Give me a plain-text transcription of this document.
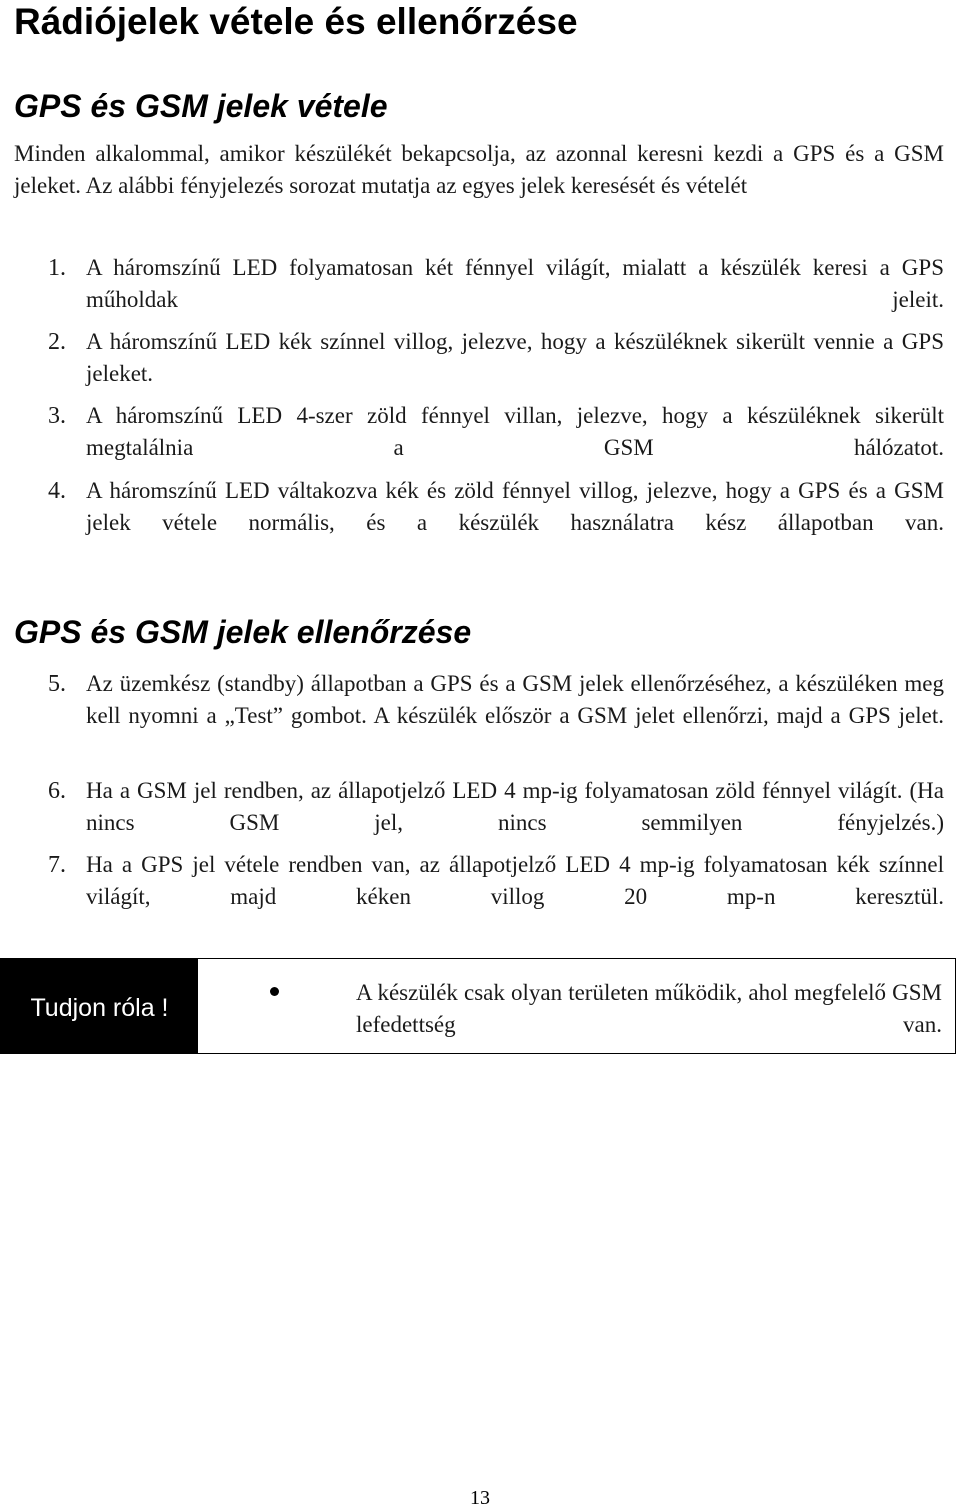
Rádiójelek vétele és ellenőrzése
GPS és GSM jelek vétele

Minden alkalommal, amikor készülékét bekapcsolja, az azonnal keresni kezdi a GPS és a GSM jeleket. Az alábbi fényjelezés sorozat mutatja az egyes jelek keresését és vételét

1. A háromszínű LED folyamatosan két fénnyel világít, mialatt a készülék keresi a GPS műholdak jeleit.
2. A háromszínű LED kék színnel villog, jelezve, hogy a készüléknek sikerült vennie a GPS jeleket.
3. A háromszínű LED 4-szer zöld fénnyel villan, jelezve, hogy a készüléknek sikerült megtalálnia a GSM hálózatot.
4. A háromszínű LED váltakozva kék és zöld fénnyel villog, jelezve, hogy a GPS és a GSM jelek vétele normális, és a készülék használatra kész állapotban van.
GPS és GSM jelek ellenőrzése
5. Az üzemkész (standby) állapotban a GPS és a GSM jelek ellenőrzéséhez, a készüléken meg kell nyomni a „Test” gombot. A készülék először a GSM jelet ellenőrzi, majd a GPS jelet.
6. Ha a GSM jel rendben, az állapotjelző LED 4 mp-ig folyamatosan zöld fénnyel világít. (Ha nincs GSM jel, nincs semmilyen fényjelzés.)
7. Ha a GPS jel vétele rendben van, az állapotjelző LED 4 mp-ig folyamatosan kék színnel világít, majd kéken villog 20 mp-n keresztül.
Tudjon róla !
A készülék csak olyan területen működik, ahol megfelelő GSM lefedettség van.
13
